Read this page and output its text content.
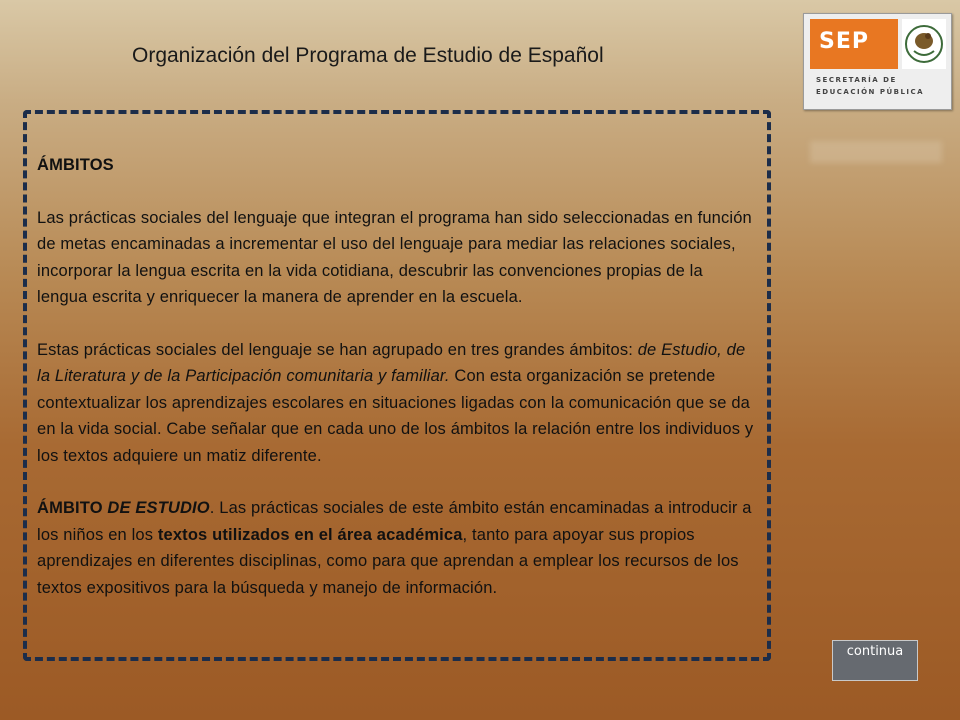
Organización del Programa de Estudio de Español
SEP
SECRETARÍA DE
EDUCACIÓN PÚBLICA

ÁMBITOS

Las prácticas sociales del lenguaje que integran el programa han sido seleccionadas en función de metas encaminadas a incrementar el uso del lenguaje para mediar las relaciones sociales, incorporar la lengua escrita en la vida cotidiana, descubrir las convenciones propias de la lengua escrita y enriquecer la manera de aprender en la escuela.

Estas prácticas sociales del lenguaje se han agrupado en tres grandes ámbitos: de Estudio, de la Literatura y de la Participación comunitaria y familiar. Con esta organización se pretende contextualizar los aprendizajes escolares en situaciones ligadas con la comunicación que se da en la vida social. Cabe señalar que en cada uno de los ámbitos la relación entre los individuos y los textos adquiere un matiz diferente.

ÁMBITO DE ESTUDIO. Las prácticas sociales de este ámbito están encaminadas a introducir a los niños en los textos utilizados en el área académica, tanto para apoyar sus propios aprendizajes en diferentes disciplinas, como para que aprendan a emplear los recursos de los textos expositivos para la búsqueda y manejo de información.

continua
